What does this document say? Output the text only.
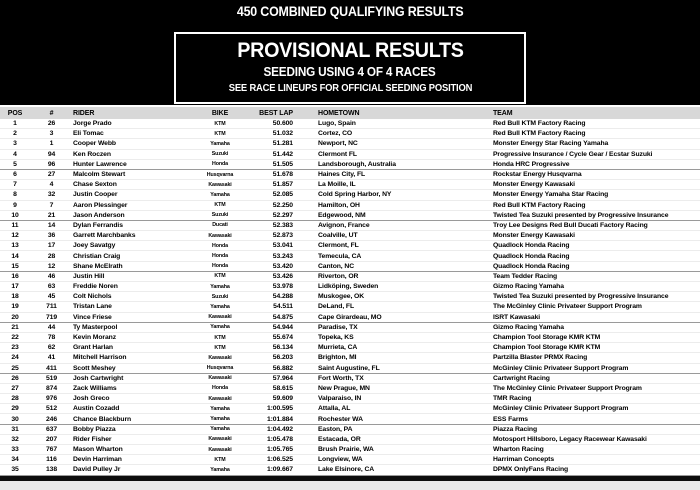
450 COMBINED QUALIFYING RESULTS
PROVISIONAL RESULTS
SEEDING USING 4 OF 4 RACES
SEE RACE LINEUPS FOR OFFICIAL SEEDING POSITION
POS	#	RIDER	BIKE	BEST LAP	HOMETOWN	TEAM
1	26	Jorge Prado	KTM	50.600	Lugo, Spain	Red Bull KTM Factory Racing
2	3	Eli Tomac	KTM	51.032	Cortez, CO	Red Bull KTM Factory Racing
3	1	Cooper Webb	Yamaha	51.281	Newport, NC	Monster Energy Star Racing Yamaha
4	94	Ken Roczen	Suzuki	51.442	Clermont FL	Progressive Insurance / Cycle Gear / Ecstar Suzuki
5	96	Hunter Lawrence	Honda	51.505	Landsborough, Australia	Honda HRC Progressive
6	27	Malcolm Stewart	Husqvarna	51.678	Haines City, FL	Rockstar Energy Husqvarna
7	4	Chase Sexton	Kawasaki	51.857	La Moille, IL	Monster Energy Kawasaki
8	32	Justin Cooper	Yamaha	52.085	Cold Spring Harbor, NY	Monster Energy Yamaha Star Racing
9	7	Aaron Plessinger	KTM	52.250	Hamilton, OH	Red Bull KTM Factory Racing
10	21	Jason Anderson	Suzuki	52.297	Edgewood, NM	Twisted Tea Suzuki presented by Progressive Insurance
11	14	Dylan Ferrandis	Ducati	52.383	Avignon, France	Troy Lee Designs Red Bull Ducati Factory Racing
12	36	Garrett Marchbanks	Kawasaki	52.873	Coalville, UT	Monster Energy Kawasaki
13	17	Joey Savatgy	Honda	53.041	Clermont, FL	Quadlock Honda Racing
14	28	Christian Craig	Honda	53.243	Temecula, CA	Quadlock Honda Racing
15	12	Shane McElrath	Honda	53.420	Canton, NC	Quadlock Honda Racing
16	46	Justin Hill	KTM	53.426	Riverton, OR	Team Tedder Racing
17	63	Freddie Noren	Yamaha	53.978	Lidköping, Sweden	Gizmo Racing Yamaha
18	45	Colt Nichols	Suzuki	54.288	Muskogee, OK	Twisted Tea Suzuki presented by Progressive Insurance
19	711	Tristan Lane	Yamaha	54.511	DeLand, FL	The McGinley Clinic Privateer Support Program
20	719	Vince Friese	Kawasaki	54.875	Cape Girardeau, MO	ISRT Kawasaki
21	44	Ty Masterpool	Yamaha	54.944	Paradise, TX	Gizmo Racing Yamaha
22	78	Kevin Moranz	KTM	55.674	Topeka, KS	Champion Tool Storage KMR KTM
23	62	Grant Harlan	KTM	56.134	Murrieta, CA	Champion Tool Storage KMR KTM
24	41	Mitchell Harrison	Kawasaki	56.203	Brighton, MI	Partzilla Blaster PRMX Racing
25	411	Scott Meshey	Husqvarna	56.882	Saint Augustine, FL	McGinley Clinic Privateer Support Program
26	519	Josh Cartwright	Kawasaki	57.964	Fort Worth, TX	Cartwright Racing
27	874	Zack Williams	Honda	58.615	New Prague, MN	The McGinley Clinic Privateer Support Program
28	976	Josh Greco	Kawasaki	59.609	Valparaiso, IN	TMR Racing
29	512	Austin Cozadd	Yamaha	1:00.595	Attalla, AL	McGinley Clinic Privateer Support Program
30	246	Chance Blackburn	Yamaha	1:01.884	Rochester WA	ESS Farms
31	637	Bobby Piazza	Yamaha	1:04.492	Easton, PA	Piazza Racing
32	207	Rider Fisher	Kawasaki	1:05.478	Estacada, OR	Motosport Hillsboro, Legacy Racewear Kawasaki
33	767	Mason Wharton	Kawasaki	1:05.765	Brush Prairie, WA	Wharton Racing
34	116	Devin Harriman	KTM	1:06.525	Longview, WA	Harriman Concepts
35	138	David Pulley Jr	Yamaha	1:09.667	Lake Elsinore, CA	DPMX OnlyFans Racing
